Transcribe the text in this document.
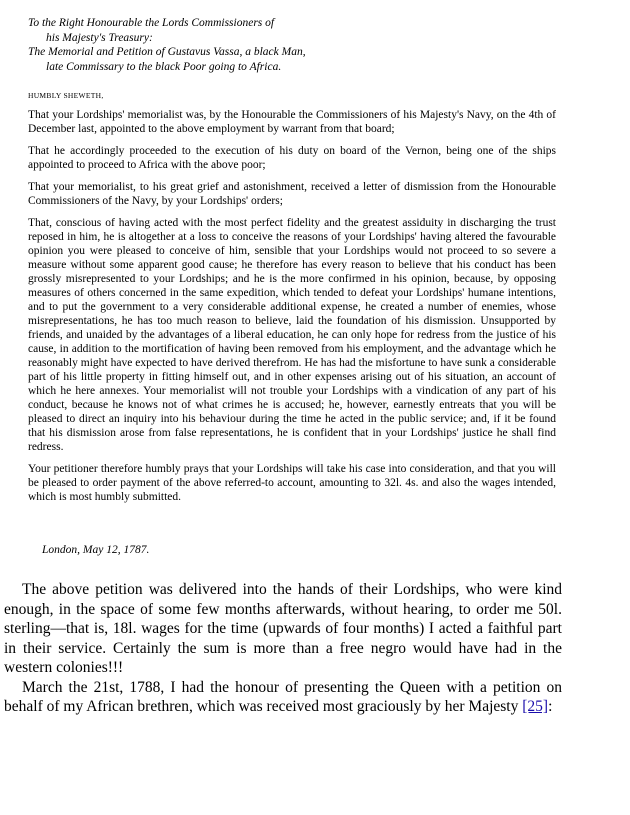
To the Right Honourable the Lords Commissioners of
his Majesty's Treasury:
The Memorial and Petition of Gustavus Vassa, a black Man,
late Commissary to the black Poor going to Africa.
HUMBLY SHEWETH,

That your Lordships' memorialist was, by the Honourable the Commissioners of his Majesty's Navy, on the 4th of December last, appointed to the above employment by warrant from that board;

That he accordingly proceeded to the execution of his duty on board of the Vernon, being one of the ships appointed to proceed to Africa with the above poor;

That your memorialist, to his great grief and astonishment, received a letter of dismission from the Honourable Commissioners of the Navy, by your Lordships' orders;

That, conscious of having acted with the most perfect fidelity and the greatest assiduity in discharging the trust reposed in him, he is altogether at a loss to conceive the reasons of your Lordships' having altered the favourable opinion you were pleased to conceive of him, sensible that your Lordships would not proceed to so severe a measure without some apparent good cause; he therefore has every reason to believe that his conduct has been grossly misrepresented to your Lordships; and he is the more confirmed in his opinion, because, by opposing measures of others concerned in the same expedition, which tended to defeat your Lordships' humane intentions, and to put the government to a very considerable additional expense, he created a number of enemies, whose misrepresentations, he has too much reason to believe, laid the foundation of his dismission. Unsupported by friends, and unaided by the advantages of a liberal education, he can only hope for redress from the justice of his cause, in addition to the mortification of having been removed from his employment, and the advantage which he reasonably might have expected to have derived therefrom. He has had the misfortune to have sunk a considerable part of his little property in fitting himself out, and in other expenses arising out of his situation, an account of which he here annexes. Your memorialist will not trouble your Lordships with a vindication of any part of his conduct, because he knows not of what crimes he is accused; he, however, earnestly entreats that you will be pleased to direct an inquiry into his behaviour during the time he acted in the public service; and, if it be found that his dismission arose from false representations, he is confident that in your Lordships' justice he shall find redress.

Your petitioner therefore humbly prays that your Lordships will take his case into consideration, and that you will be pleased to order payment of the above referred-to account, amounting to 32l. 4s. and also the wages intended, which is most humbly submitted.

London, May 12, 1787.

The above petition was delivered into the hands of their Lordships, who were kind enough, in the space of some few months afterwards, without hearing, to order me 50l. sterling—that is, 18l. wages for the time (upwards of four months) I acted a faithful part in their service. Certainly the sum is more than a free negro would have had in the western colonies!!!

March the 21st, 1788, I had the honour of presenting the Queen with a petition on behalf of my African brethren, which was received most graciously by her Majesty [25]:
